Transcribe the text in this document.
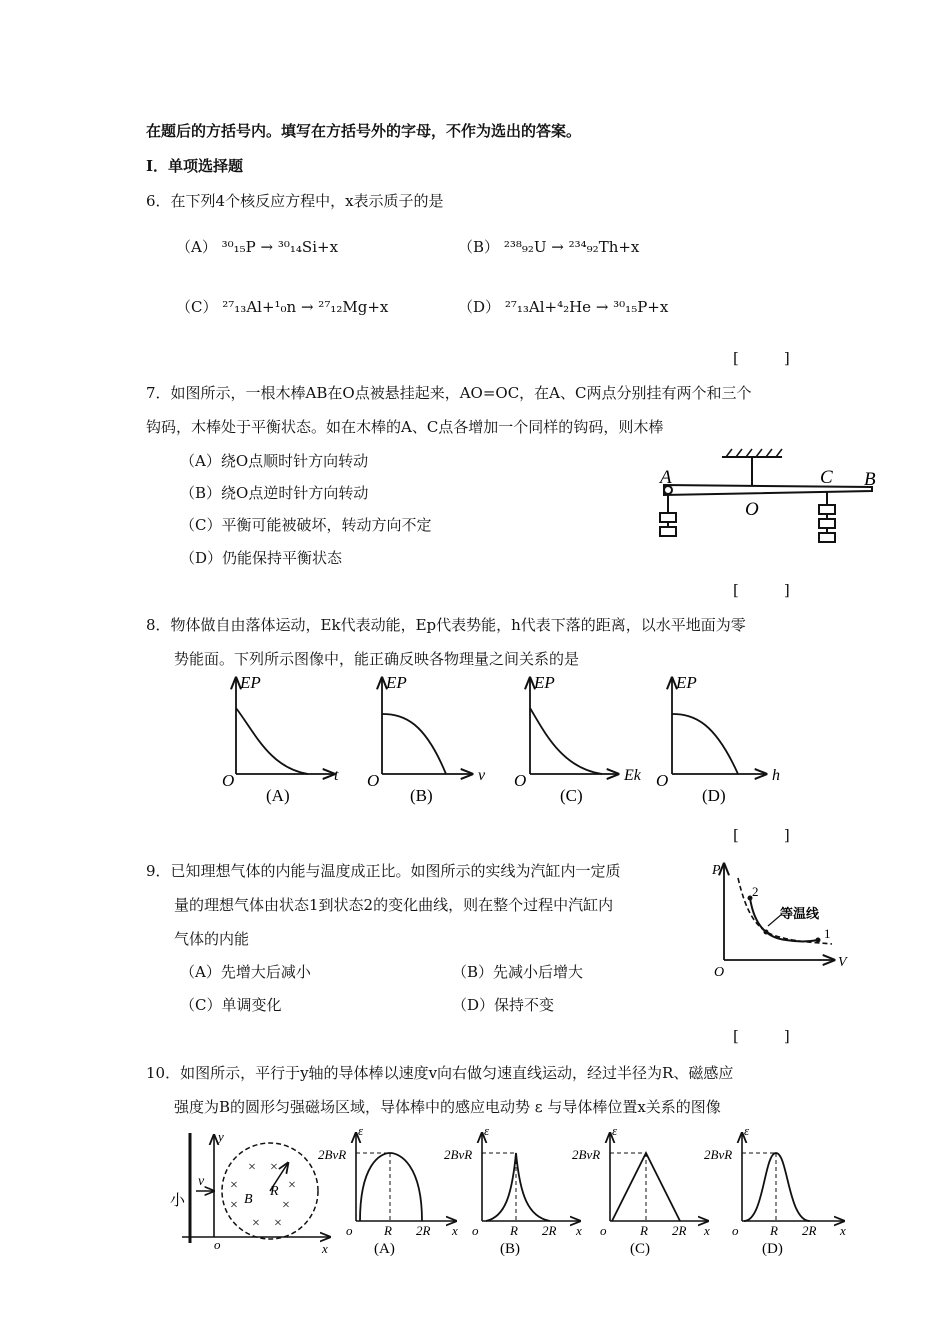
在题后的方括号内。填写在方括号外的字母，不作为选出的答案。
Ⅰ．单项选择题
6．在下列4个核反应方程中，x表示质子的是
（A） ³⁰₁₅P → ³⁰₁₄Si+x	（B） ²³⁸₉₂U → ²³⁴₉₂Th+x
（C） ²⁷₁₃Al+¹₀n → ²⁷₁₂Mg+x	（D） ²⁷₁₃Al+⁴₂He → ³⁰₁₅P+x
[　　　]
7．如图所示，一根木棒AB在O点被悬挂起来，AO=OC，在A、C两点分别挂有两个和三个
钩码，木棒处于平衡状态。如在木棒的A、C点各增加一个同样的钩码，则木棒
（A）绕O点顺时针方向转动
（B）绕O点逆时针方向转动
（C）平衡可能被破坏，转动方向不定
（D）仍能保持平衡状态
[　　　]
A
O
C B
8．物体做自由落体运动，Ek代表动能，Ep代表势能，h代表下落的距离，以水平地面为零
势能面。下列所示图像中，能正确反映各物理量之间关系的是
EP
O	t
(A)
EP
O	v
(B)
EP
O	Ek
(C)
EP
O	h
(D)
[　　　]
9．已知理想气体的内能与温度成正比。如图所示的实线为汽缸内一定质
量的理想气体由状态1到状态2的变化曲线，则在整个过程中汽缸内
气体的内能
（A）先增大后减小	（B）先减小后增大
（C）单调变化	（D）保持不变
[　　　]
P
O
V
2
1
等温线
10．如图所示，平行于y轴的导体棒以速度v向右做匀速直线运动，经过半径为R、磁感应
强度为B的圆形匀强磁场区域，导体棒中的感应电动势 ε 与导体棒位置x关系的图像
× ×
×	×
×	×
× ×
小
v
B
R
y
x
o
2BvR
ε
o R 2R x
(A)
2BvR
ε
o R 2R x
(B)
2BvR
ε
o	R 2R x
(C)
2BvR
ε
o R 2R x
(D)
